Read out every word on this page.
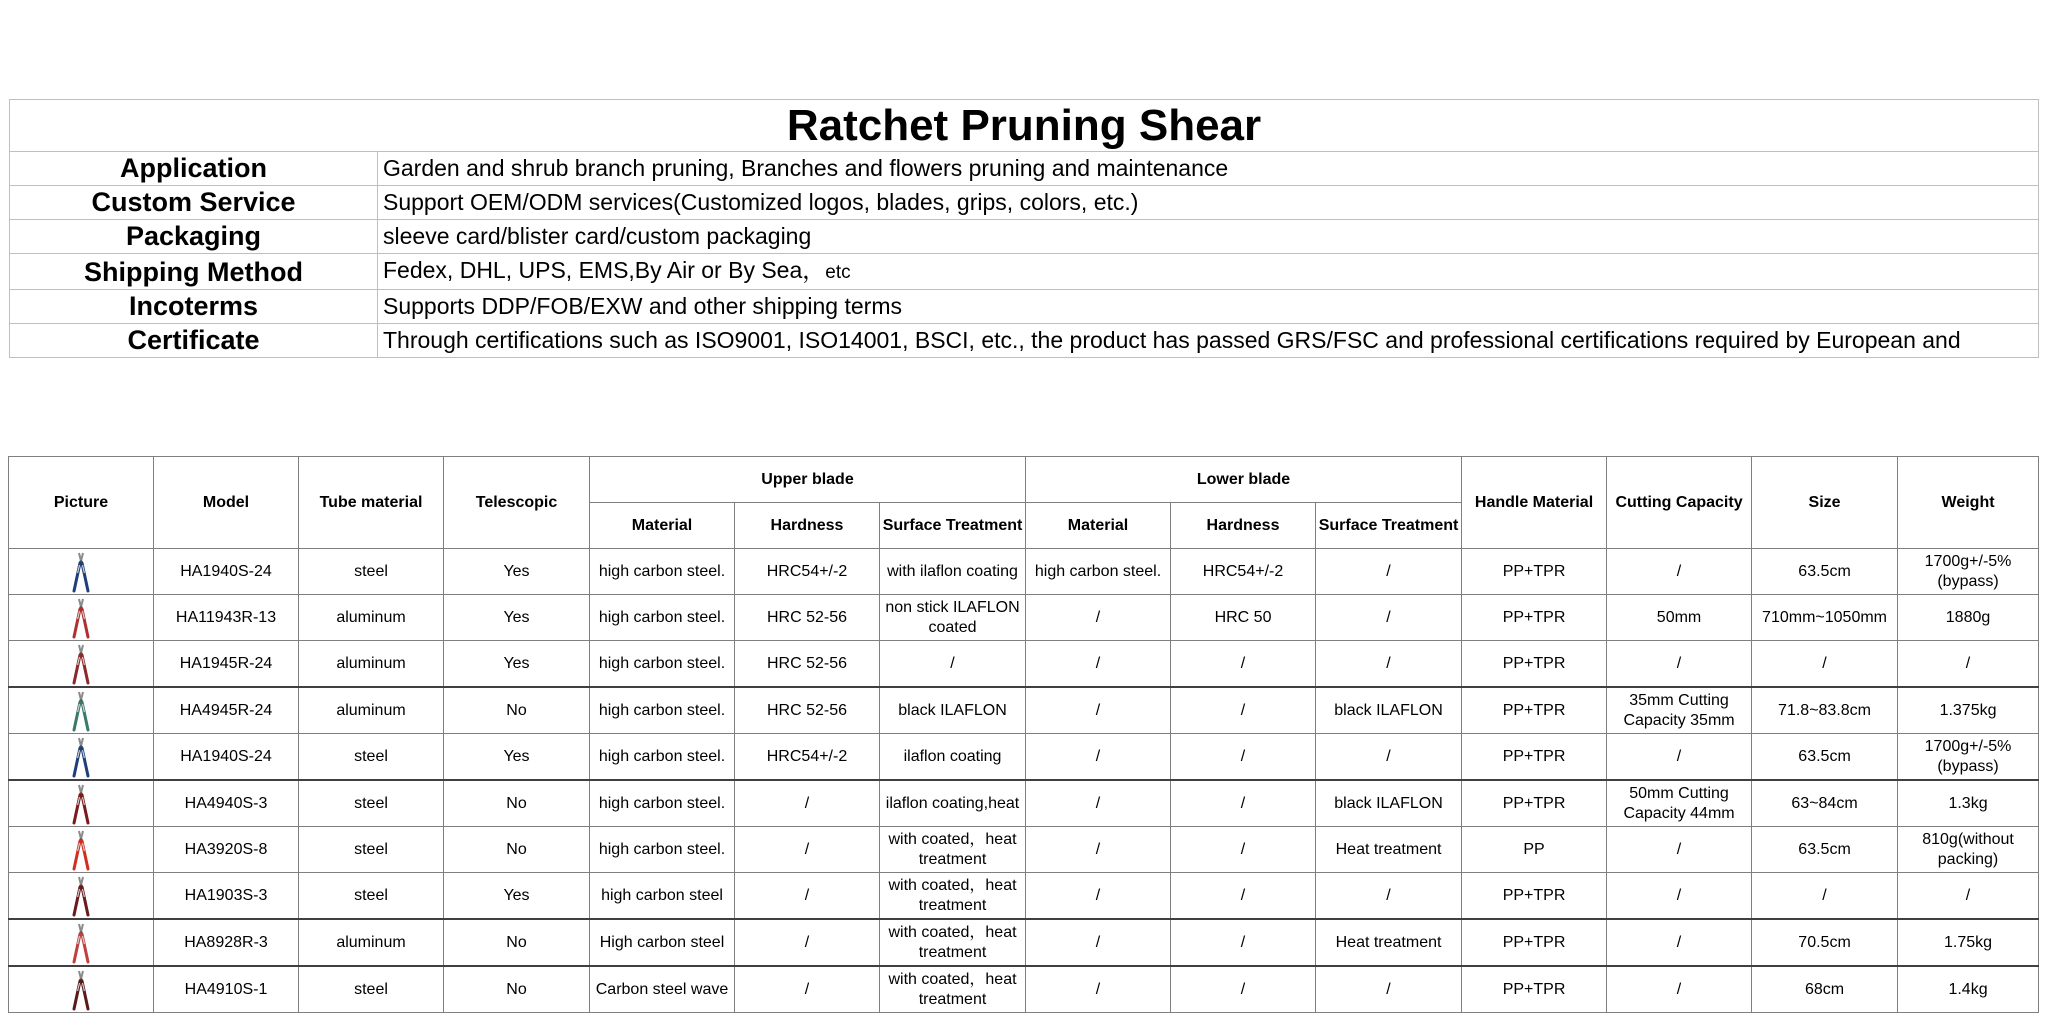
Ratchet Pruning Shear	
Application	Garden and shrub branch pruning, Branches and flowers pruning and maintenance
Custom Service	Support OEM/ODM services(Customized logos, blades, grips, colors, etc.)
Packaging	sleeve card/blister card/custom packaging
Shipping Method	Fedex, DHL, UPS, EMS,By Air or By Sea，etc
Incoterms	Supports DDP/FOB/EXW and other shipping terms
Certificate	Through certifications such as ISO9001, ISO14001, BSCI, etc., the product has passed GRS/FSC and professional certifications required by European and
Picture	Model	Tube material	Telescopic	Upper blade			Lower blade			Handle Material	Cutting Capacity	Size	Weight
				Material	Hardness	Surface Treatment	Material	Hardness	Surface Treatment				

	HA1940S-24	steel	Yes	high carbon steel.	HRC54+/-2	with ilaflon coating	high carbon steel.	HRC54+/-2	/	PP+TPR	/	63.5cm	1700g+/-5%(bypass)

	HA11943R-13	aluminum	Yes	high carbon steel.	HRC 52-56	non stick ILAFLON coated	/	HRC 50	/	PP+TPR	50mm	710mm~1050mm	1880g

	HA1945R-24	aluminum	Yes	high carbon steel.	HRC 52-56	/	/	/	/	PP+TPR	/	/	/

	HA4945R-24	aluminum	No	high carbon steel.	HRC 52-56	black ILAFLON	/	/	black ILAFLON	PP+TPR	35mm Cutting Capacity 35mm	71.8~83.8cm	1.375kg

	HA1940S-24	steel	Yes	high carbon steel.	HRC54+/-2	ilaflon coating	/	/	/	PP+TPR	/	63.5cm	1700g+/-5%(bypass)

	HA4940S-3	steel	No	high carbon steel.	/	ilaflon coating,heat	/	/	black ILAFLON	PP+TPR	50mm Cutting Capacity 44mm	63~84cm	1.3kg

	HA3920S-8	steel	No	high carbon steel.	/	with coated，heat treatment	/	/	Heat treatment	PP	/	63.5cm	810g(without packing)

	HA1903S-3	steel	Yes	high carbon steel	/	with coated，heat treatment	/	/	/	PP+TPR	/	/	/

	HA8928R-3	aluminum	No	High carbon steel	/	with coated，heat treatment	/	/	Heat treatment	PP+TPR	/	70.5cm	1.75kg

	HA4910S-1	steel	No	Carbon steel wave	/	with coated，heat treatment	/	/	/	PP+TPR	/	68cm	1.4kg
